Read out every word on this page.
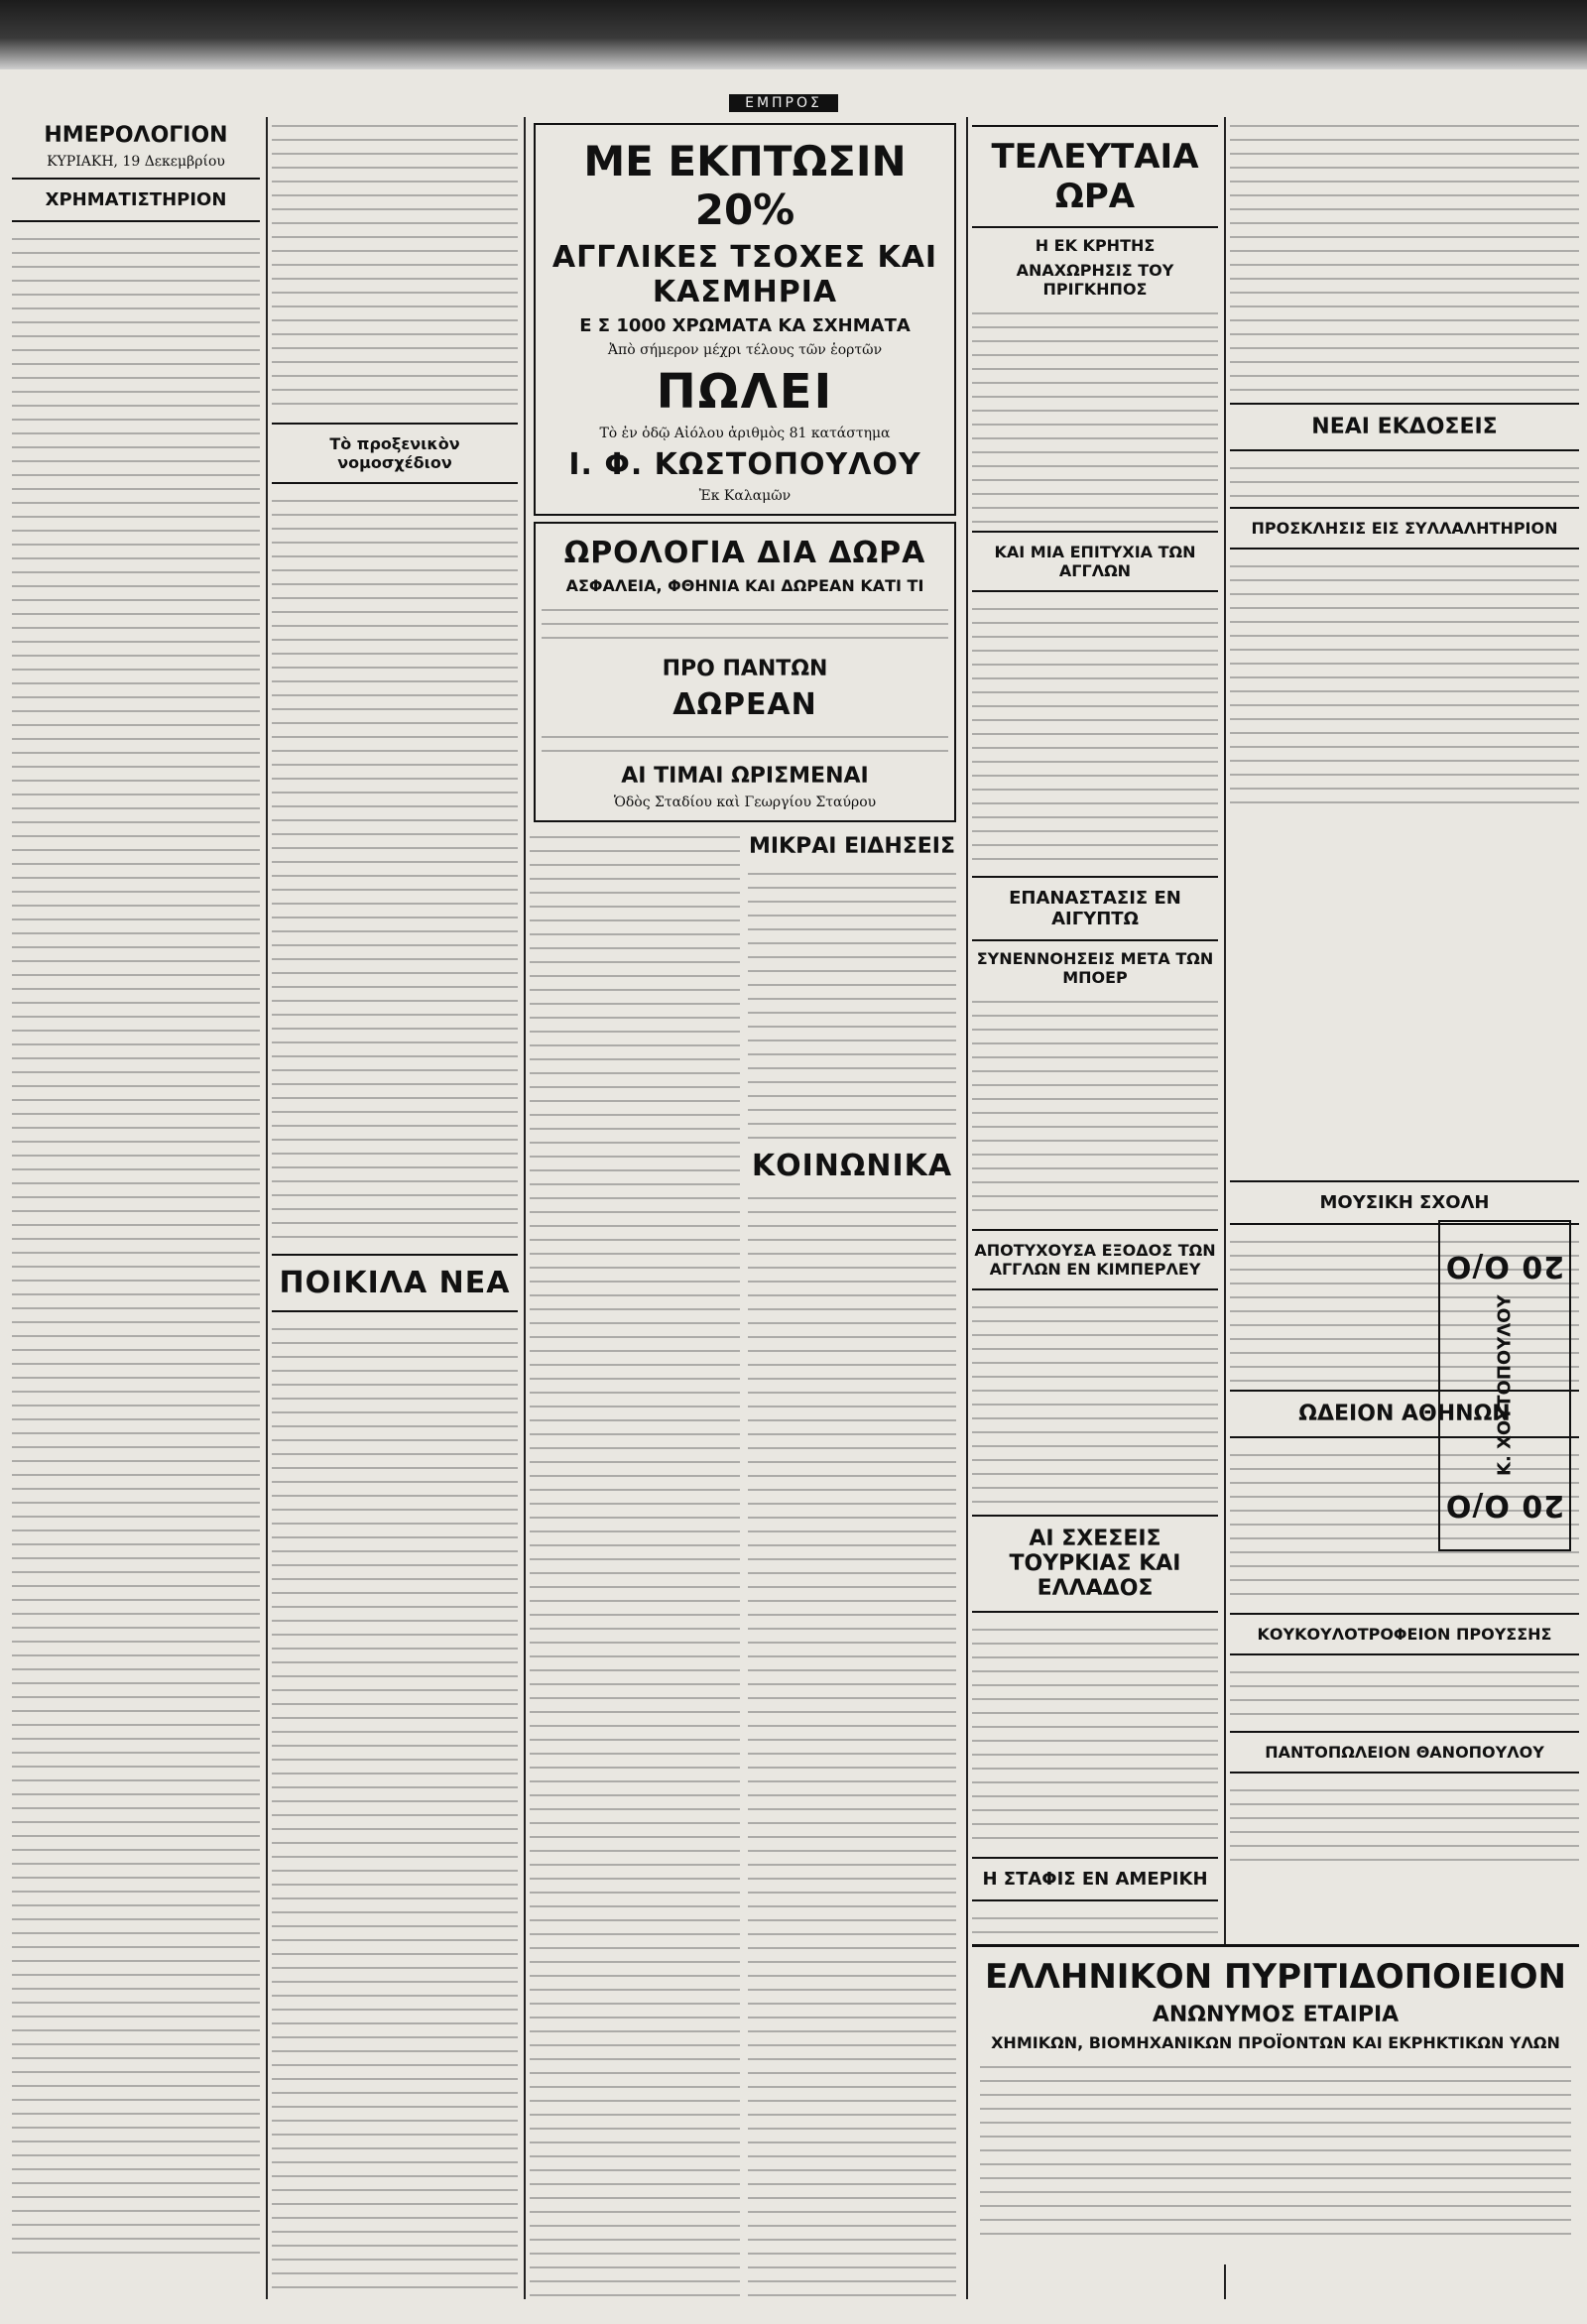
ΕΜΠΡΟΣ
ΗΜΕΡΟΛΟΓΙΟΝ
ΚΥΡΙΑΚΗ, 19 Δεκεμβρίου
ΧΡΗΜΑΤΙΣΤΗΡΙΟΝ
Τὸ προξενικὸν νομοσχέδιον
ΠΟΙΚΙΛΑ ΝΕΑ
ΜΕ ΕΚΠΤΩΣΙΝ 20%
ΑΓΓΛΙΚΕΣ ΤΣΟΧΕΣ ΚΑΙ ΚΑΣΜΗΡΙΑ
Ε Σ 1000 ΧΡΩΜΑΤΑ ΚΑ ΣΧΗΜΑΤΑ
Ἀπὸ σήμερον μέχρι τέλους τῶν ἑορτῶν
ΠΩΛΕΙ
Τὸ ἐν ὁδῷ Αἰόλου ἀριθμὸς 81 κατάστημα
Ι. Φ. ΚΩΣΤΟΠΟΥΛΟΥ
Ἐκ Καλαμῶν
ΩΡΟΛΟΓΙΑ ΔΙΑ ΔΩΡΑ
ΑΣΦΑΛΕΙΑ, ΦΘΗΝΙΑ ΚΑΙ ΔΩΡΕΑΝ ΚΑΤΙ ΤΙ
ΠΡΟ ΠΑΝΤΩΝ
ΔΩΡΕΑΝ
ΑΙ ΤΙΜΑΙ ΩΡΙΣΜΕΝΑΙ
Ὁδὸς Σταδίου καὶ Γεωργίου Σταύρου
ΜΙΚΡΑΙ ΕΙΔΗΣΕΙΣ
ΚΟΙΝΩΝΙΚΑ
ΤΕΛΕΥΤΑΙΑ ΩΡΑ
Η ΕΚ ΚΡΗΤΗΣ
ΑΝΑΧΩΡΗΣΙΣ ΤΟΥ ΠΡΙΓΚΗΠΟΣ
ΚΑΙ ΜΙΑ ΕΠΙΤΥΧΙΑ ΤΩΝ ΑΓΓΛΩΝ
ΕΠΑΝΑΣΤΑΣΙΣ ΕΝ ΑΙΓΥΠΤΩ
ΣΥΝΕΝΝΟΗΣΕΙΣ ΜΕΤΑ ΤΩΝ ΜΠΟΕΡ
ΑΠΟΤΥΧΟΥΣΑ ΕΞΟΔΟΣ ΤΩΝ ΑΓΓΛΩΝ ΕΝ ΚΙΜΠΕΡΛΕΥ
ΑΙ ΣΧΕΣΕΙΣ ΤΟΥΡΚΙΑΣ ΚΑΙ ΕΛΛΑΔΟΣ
Η ΣΤΑΦΙΣ ΕΝ ΑΜΕΡΙΚΗ
ΝΕΑΙ ΕΚΔΟΣΕΙΣ
ΠΡΟΣΚΛΗΣΙΣ ΕΙΣ ΣΥΛΛΑΛΗΤΗΡΙΟΝ
ΜΟΥΣΙΚΗ ΣΧΟΛΗ
ΩΔΕΙΟΝ ΑΘΗΝΩΝ
ΚΟΥΚΟΥΛΟΤΡΟΦΕΙΟΝ ΠΡΟΥΣΣΗΣ
ΠΑΝΤΟΠΩΛΕΙΟΝ ΘΑΝΟΠΟΥΛΟΥ
20 Ο/Ο
Κ. ΧΟΥΤΟΠΟΥΛΟΥ
20 Ο/Ο
ΕΛΛΗΝΙΚΟΝ ΠΥΡΙΤΙΔΟΠΟΙΕΙΟΝ
ΑΝΩΝΥΜΟΣ ΕΤΑΙΡΙΑ
ΧΗΜΙΚΩΝ, ΒΙΟΜΗΧΑΝΙΚΩΝ ΠΡΟΪΟΝΤΩΝ ΚΑΙ ΕΚΡΗΚΤΙΚΩΝ ΥΛΩΝ
